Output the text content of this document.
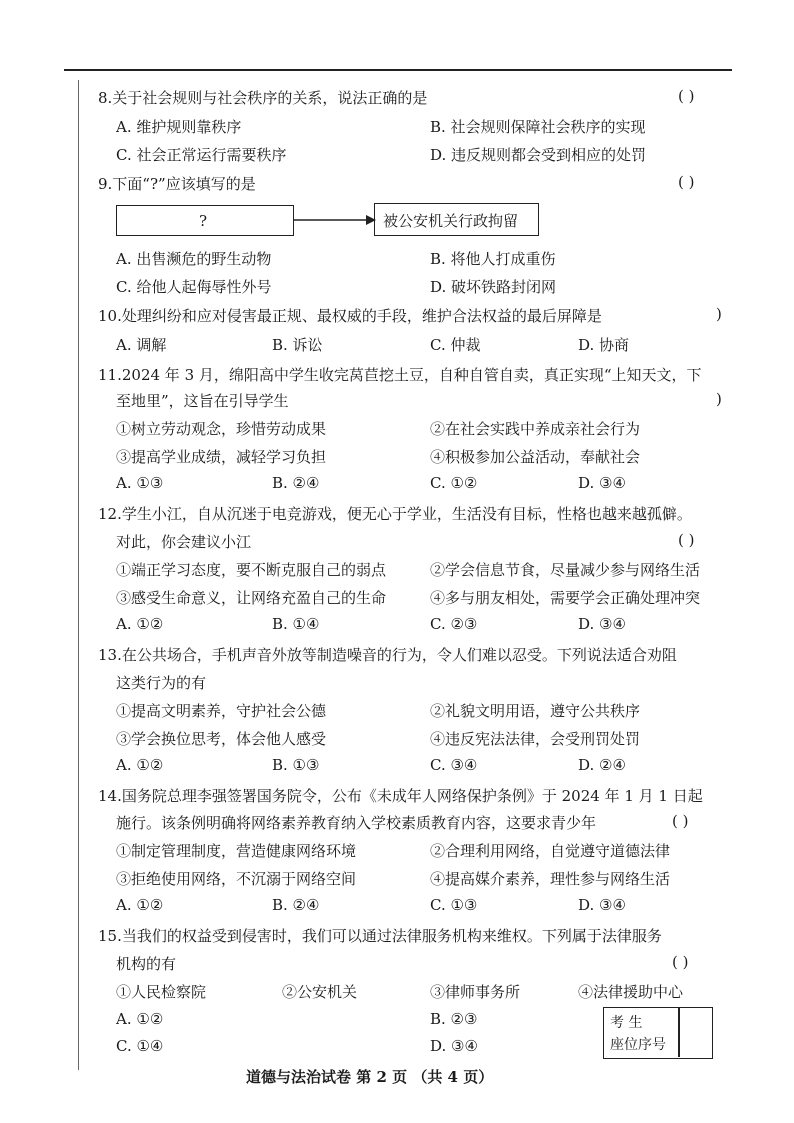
8.关于社会规则与社会秩序的关系，说法正确的是	( )
A. 维护规则靠秩序	B. 社会规则保障社会秩序的实现
C. 社会正常运行需要秩序	D. 违反规则都会受到相应的处罚
9.下面“?”应该填写的是	( )
?	被公安机关行政拘留
A. 出售濒危的野生动物	B. 将他人打成重伤
C. 给他人起侮辱性外号	D. 破坏铁路封闭网
10.处理纠纷和应对侵害最正规、最权威的手段，维护合法权益的最后屏障是	)
A. 调解	B. 诉讼	C. 仲裁	D. 协商
11.2024 年 3 月，绵阳高中学生收完莴苣挖土豆，自种自管自卖，真正实现“上知天文，下
至地里”，这旨在引导学生	)
①树立劳动观念，珍惜劳动成果	②在社会实践中养成亲社会行为
③提高学业成绩，减轻学习负担	④积极参加公益活动，奉献社会
A. ①③	B. ②④	C. ①②	D. ③④
12.学生小江，自从沉迷于电竞游戏，便无心于学业，生活没有目标，性格也越来越孤僻。
对此，你会建议小江	( )
①端正学习态度，要不断克服自己的弱点	②学会信息节食，尽量减少参与网络生活
③感受生命意义，让网络充盈自己的生命	④多与朋友相处，需要学会正确处理冲突
A. ①②	B. ①④	C. ②③	D. ③④
13.在公共场合，手机声音外放等制造噪音的行为，令人们难以忍受。下列说法适合劝阻
这类行为的有
①提高文明素养，守护社会公德	②礼貌文明用语，遵守公共秩序
③学会换位思考，体会他人感受	④违反宪法法律，会受刑罚处罚
A. ①②	B. ①③	C. ③④	D. ②④
14.国务院总理李强签署国务院令，公布《未成年人网络保护条例》于 2024 年 1 月 1 日起
施行。该条例明确将网络素养教育纳入学校素质教育内容，这要求青少年	( )
①制定管理制度，营造健康网络环境	②合理利用网络，自觉遵守道德法律
③拒绝使用网络，不沉溺于网络空间	④提高媒介素养，理性参与网络生活
A. ①②	B. ②④	C. ①③	D. ③④
15.当我们的权益受到侵害时，我们可以通过法律服务机构来维权。下列属于法律服务
机构的有	( )
①人民检察院	②公安机关	③律师事务所	④法律援助中心
A. ①②	B. ②③
C. ①④	D. ③④
考 生
座位序号
道德与法治试卷 第 2 页 （共 4 页）
